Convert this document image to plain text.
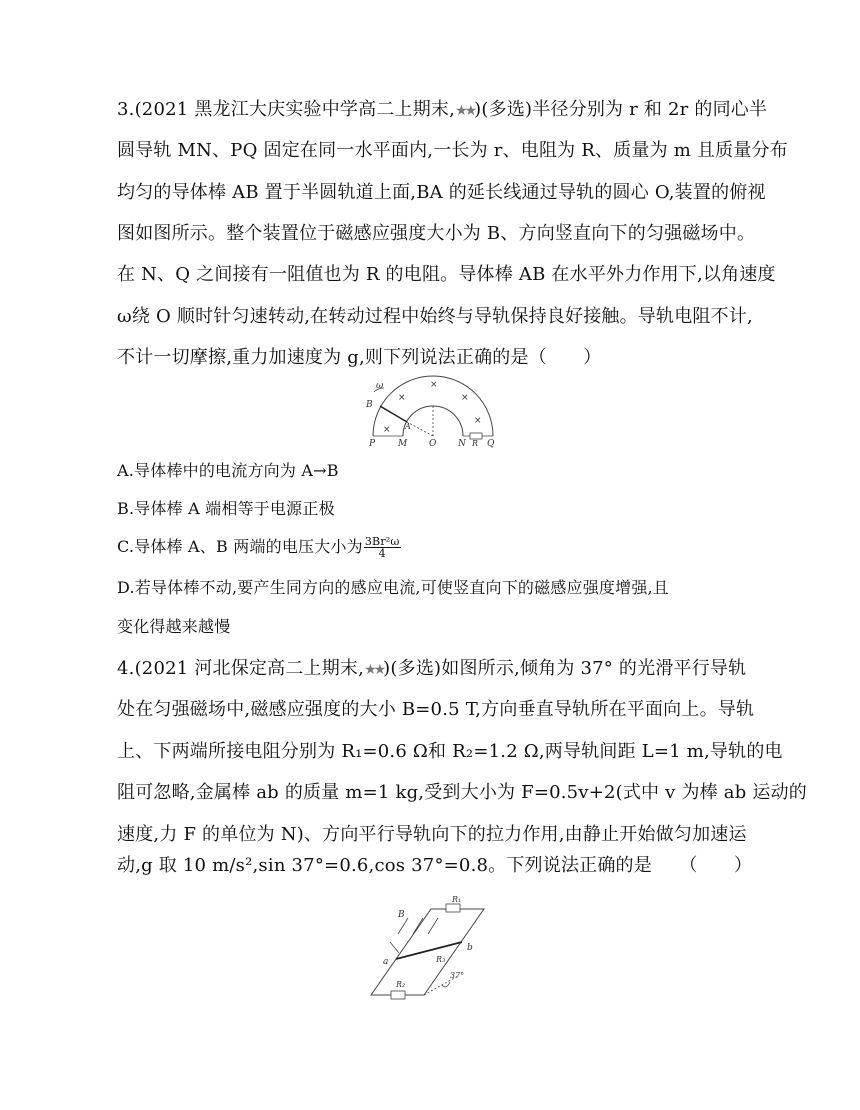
3.(2021 黑龙江大庆实验中学高二上期末,★★)(多选)半径分别为 r 和 2r 的同心半
圆导轨 MN、PQ 固定在同一水平面内,一长为 r、电阻为 R、质量为 m 且质量分布
均匀的导体棒 AB 置于半圆轨道上面,BA 的延长线通过导轨的圆心 O,装置的俯视
图如图所示。整个装置位于磁感应强度大小为 B、方向竖直向下的匀强磁场中。
在 N、Q 之间接有一阻值也为 R 的电阻。导体棒 AB 在水平外力作用下,以角速度
ω绕 O 顺时针匀速转动,在转动过程中始终与导轨保持良好接触。导轨电阻不计,
不计一切摩擦,重力加速度为 g,则下列说法正确的是（　　）
ω
B
A
P	M O N R Q
×
×	×
×
×
A.导体棒中的电流方向为 A→B
B.导体棒 A 端相等于电源正极
C.导体棒 A、B 两端的电压大小为 $\frac{\text{3Br²ω}}{4}$
D.若导体棒不动,要产生同方向的感应电流,可使竖直向下的磁感应强度增强,且
变化得越来越慢
4.(2021 河北保定高二上期末,★★)(多选)如图所示,倾角为 37° 的光滑平行导轨
处在匀强磁场中,磁感应强度的大小 B=0.5 T,方向垂直导轨所在平面向上。导轨
上、下两端所接电阻分别为 R₁=0.6 Ω和 R₂=1.2 Ω,两导轨间距 L=1 m,导轨的电
阻可忽略,金属棒 ab 的质量 m=1 kg,受到大小为 F=0.5v+2(式中 v 为棒 ab 运动的
速度,力 F 的单位为 N)、方向平行导轨向下的拉力作用,由静止开始做匀加速运
动,g 取 10 m/s²,sin 37°=0.6,cos 37°=0.8。下列说法正确的是　　（　　）
R₁
R₂
R₃
B
a
b
37°
